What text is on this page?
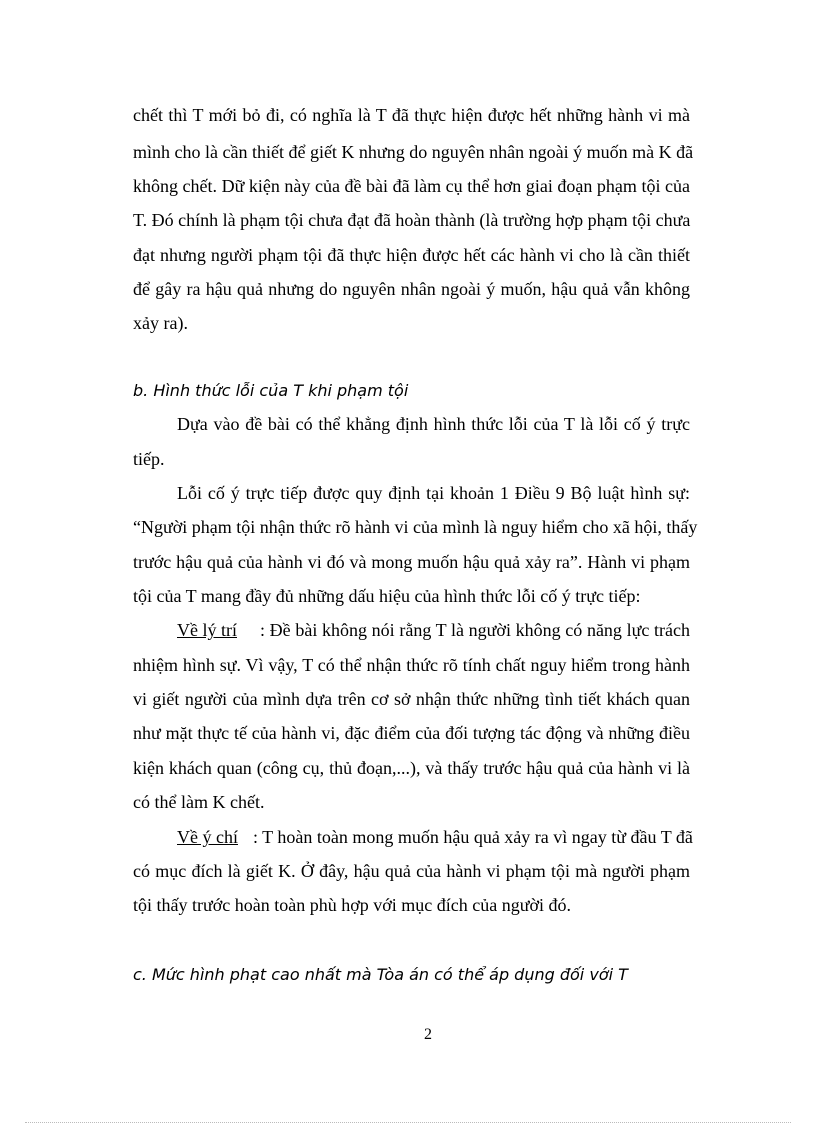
chết thì T mới bỏ đi, có nghĩa là T đã thực hiện được hết những hành vi mà
mình cho là cần thiết để giết K nhưng do nguyên nhân ngoài ý muốn mà K đã
không chết. Dữ kiện này của đề bài đã làm cụ thể hơn giai đoạn phạm tội của
T. Đó chính là phạm tội chưa đạt đã hoàn thành (là trường hợp phạm tội chưa
đạt nhưng người phạm tội đã thực hiện được hết các hành vi cho là cần thiết
để gây ra hậu quả nhưng do nguyên nhân ngoài ý muốn, hậu quả vẫn không
xảy ra).
b. Hình thức lỗi của T khi phạm tội
Dựa vào đề bài có thể khẳng định hình thức lỗi của T là lỗi cố ý trực
tiếp.
Lỗi cố ý trực tiếp được quy định tại khoản 1 Điều 9 Bộ luật hình sự:
“Người phạm tội nhận thức rõ hành vi của mình là nguy hiểm cho xã hội, thấy
trước hậu quả của hành vi đó và mong muốn hậu quả xảy ra”. Hành vi phạm
tội của T mang đầy đủ những dấu hiệu của hình thức lỗi cố ý trực tiếp:
Về lý trí : Đề bài không nói rằng T là người không có năng lực trách
nhiệm hình sự. Vì vậy, T có thể nhận thức rõ tính chất nguy hiểm trong hành
vi giết người của mình dựa trên cơ sở nhận thức những tình tiết khách quan
như mặt thực tế của hành vi, đặc điểm của đối tượng tác động và những điều
kiện khách quan (công cụ, thủ đoạn,...), và thấy trước hậu quả của hành vi là
có thể làm K chết.
Về ý chí : T hoàn toàn mong muốn hậu quả xảy ra vì ngay từ đầu T đã
có mục đích là giết K. Ở đây, hậu quả của hành vi phạm tội mà người phạm
tội thấy trước hoàn toàn phù hợp với mục đích của người đó.
c. Mức hình phạt cao nhất mà Tòa án có thể áp dụng đối với T
2
